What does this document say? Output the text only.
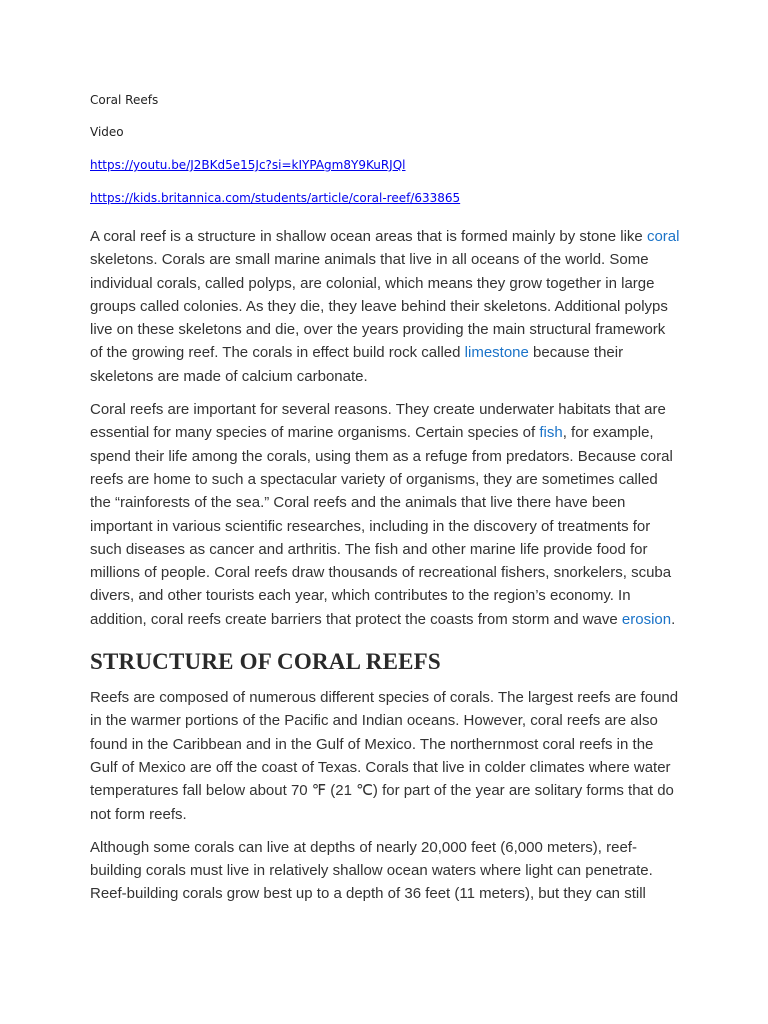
Coral Reefs

Video

https://youtu.be/J2BKd5e15Jc?si=kIYPAgm8Y9KuRJQl
https://kids.britannica.com/students/article/coral-reef/633865

A coral reef is a structure in shallow ocean areas that is formed mainly by stone like coral skeletons. Corals are small marine animals that live in all oceans of the world. Some individual corals, called polyps, are colonial, which means they grow together in large groups called colonies. As they die, they leave behind their skeletons. Additional polyps live on these skeletons and die, over the years providing the main structural framework of the growing reef. The corals in effect build rock called limestone because their skeletons are made of calcium carbonate.

Coral reefs are important for several reasons. They create underwater habitats that are essential for many species of marine organisms. Certain species of fish, for example, spend their life among the corals, using them as a refuge from predators. Because coral reefs are home to such a spectacular variety of organisms, they are sometimes called the “rainforests of the sea.” Coral reefs and the animals that live there have been important in various scientific researches, including in the discovery of treatments for such diseases as cancer and arthritis. The fish and other marine life provide food for millions of people. Coral reefs draw thousands of recreational fishers, snorkelers, scuba divers, and other tourists each year, which contributes to the region’s economy. In addition, coral reefs create barriers that protect the coasts from storm and wave erosion.

STRUCTURE OF CORAL REEFS

Reefs are composed of numerous different species of corals. The largest reefs are found in the warmer portions of the Pacific and Indian oceans. However, coral reefs are also found in the Caribbean and in the Gulf of Mexico. The northernmost coral reefs in the Gulf of Mexico are off the coast of Texas. Corals that live in colder climates where water temperatures fall below about 70 ℉ (21 ℃) for part of the year are solitary forms that do not form reefs.

Although some corals can live at depths of nearly 20,000 feet (6,000 meters), reef-building corals must live in relatively shallow ocean waters where light can penetrate. Reef-building corals grow best up to a depth of 36 feet (11 meters), but they can still
